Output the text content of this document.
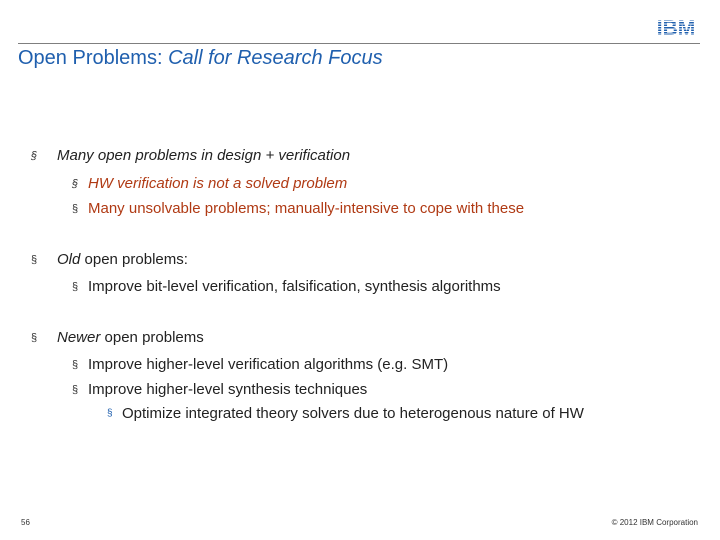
IBM
Open Problems: Call for Research Focus
§ Many open problems in design + verification
§ HW verification is not a solved problem
§ Many unsolvable problems; manually-intensive to cope with these
§ Old open problems:
§ Improve bit-level verification, falsification, synthesis algorithms
§ Newer open problems
§ Improve higher-level verification algorithms (e.g. SMT)
§ Improve higher-level synthesis techniques
§ Optimize integrated theory solvers due to heterogenous nature of HW
56	© 2012 IBM Corporation
